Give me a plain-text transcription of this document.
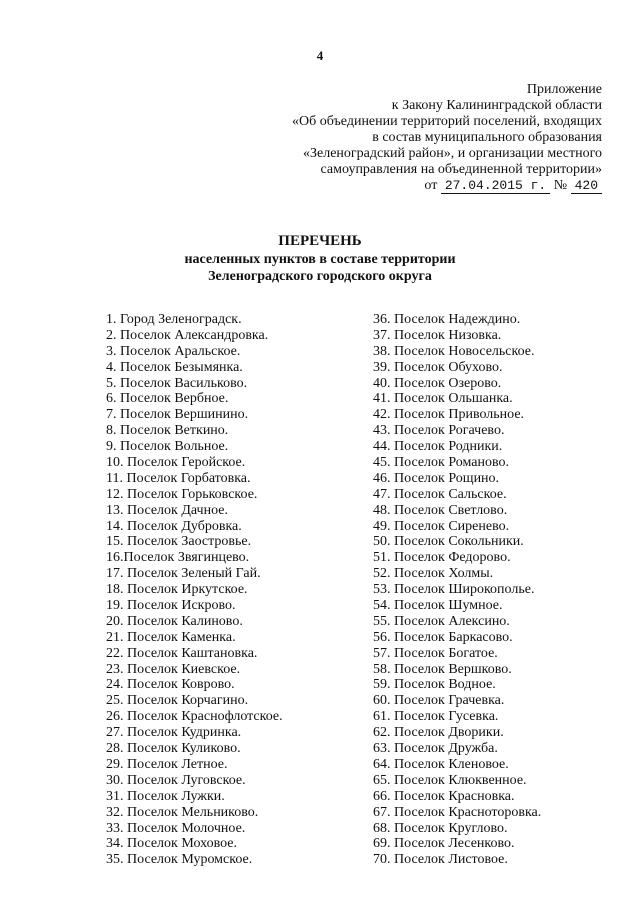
4
Приложение
к Закону Калининградской области
«Об объединении территорий поселений, входящих
в состав муниципального образования
«Зеленоградский район», и организации местного
самоуправления на объединенной территории»
от 27.04.2015 г. № 420
ПЕРЕЧЕНЬ
населенных пунктов в составе территории
Зеленоградского городского округа
1. Город Зеленоградск.
2. Поселок Александровка.
3. Поселок Аральское.
4. Поселок Безымянка.
5. Поселок Васильково.
6. Поселок Вербное.
7. Поселок Вершинино.
8. Поселок Веткино.
9. Поселок Вольное.
10. Поселок Геройское.
11. Поселок Горбатовка.
12. Поселок Горьковское.
13. Поселок Дачное.
14. Поселок Дубровка.
15. Поселок Заостровье.
16.Поселок Звягинцево.
17. Поселок Зеленый Гай.
18. Поселок Иркутское.
19. Поселок Искрово.
20. Поселок Калиново.
21. Поселок Каменка.
22. Поселок Каштановка.
23. Поселок Киевское.
24. Поселок Коврово.
25. Поселок Корчагино.
26. Поселок Краснофлотское.
27. Поселок Кудринка.
28. Поселок Куликово.
29. Поселок Летное.
30. Поселок Луговское.
31. Поселок Лужки.
32. Поселок Мельниково.
33. Поселок Молочное.
34. Поселок Моховое.
35. Поселок Муромское.
36. Поселок Надеждино.
37. Поселок Низовка.
38. Поселок Новосельское.
39. Поселок Обухово.
40. Поселок Озерово.
41. Поселок Ольшанка.
42. Поселок Привольное.
43. Поселок Рогачево.
44. Поселок Родники.
45. Поселок Романово.
46. Поселок Рощино.
47. Поселок Сальское.
48. Поселок Светлово.
49. Поселок Сиренево.
50. Поселок Сокольники.
51. Поселок Федорово.
52. Поселок Холмы.
53. Поселок Широкополье.
54. Поселок Шумное.
55. Поселок Алексино.
56. Поселок Баркасово.
57. Поселок Богатое.
58. Поселок Вершково.
59. Поселок Водное.
60. Поселок Грачевка.
61. Поселок Гусевка.
62. Поселок Дворики.
63. Поселок Дружба.
64. Поселок Кленовое.
65. Поселок Клюквенное.
66. Поселок Красновка.
67. Поселок Красноторовка.
68. Поселок Круглово.
69. Поселок Лесенково.
70. Поселок Листовое.
